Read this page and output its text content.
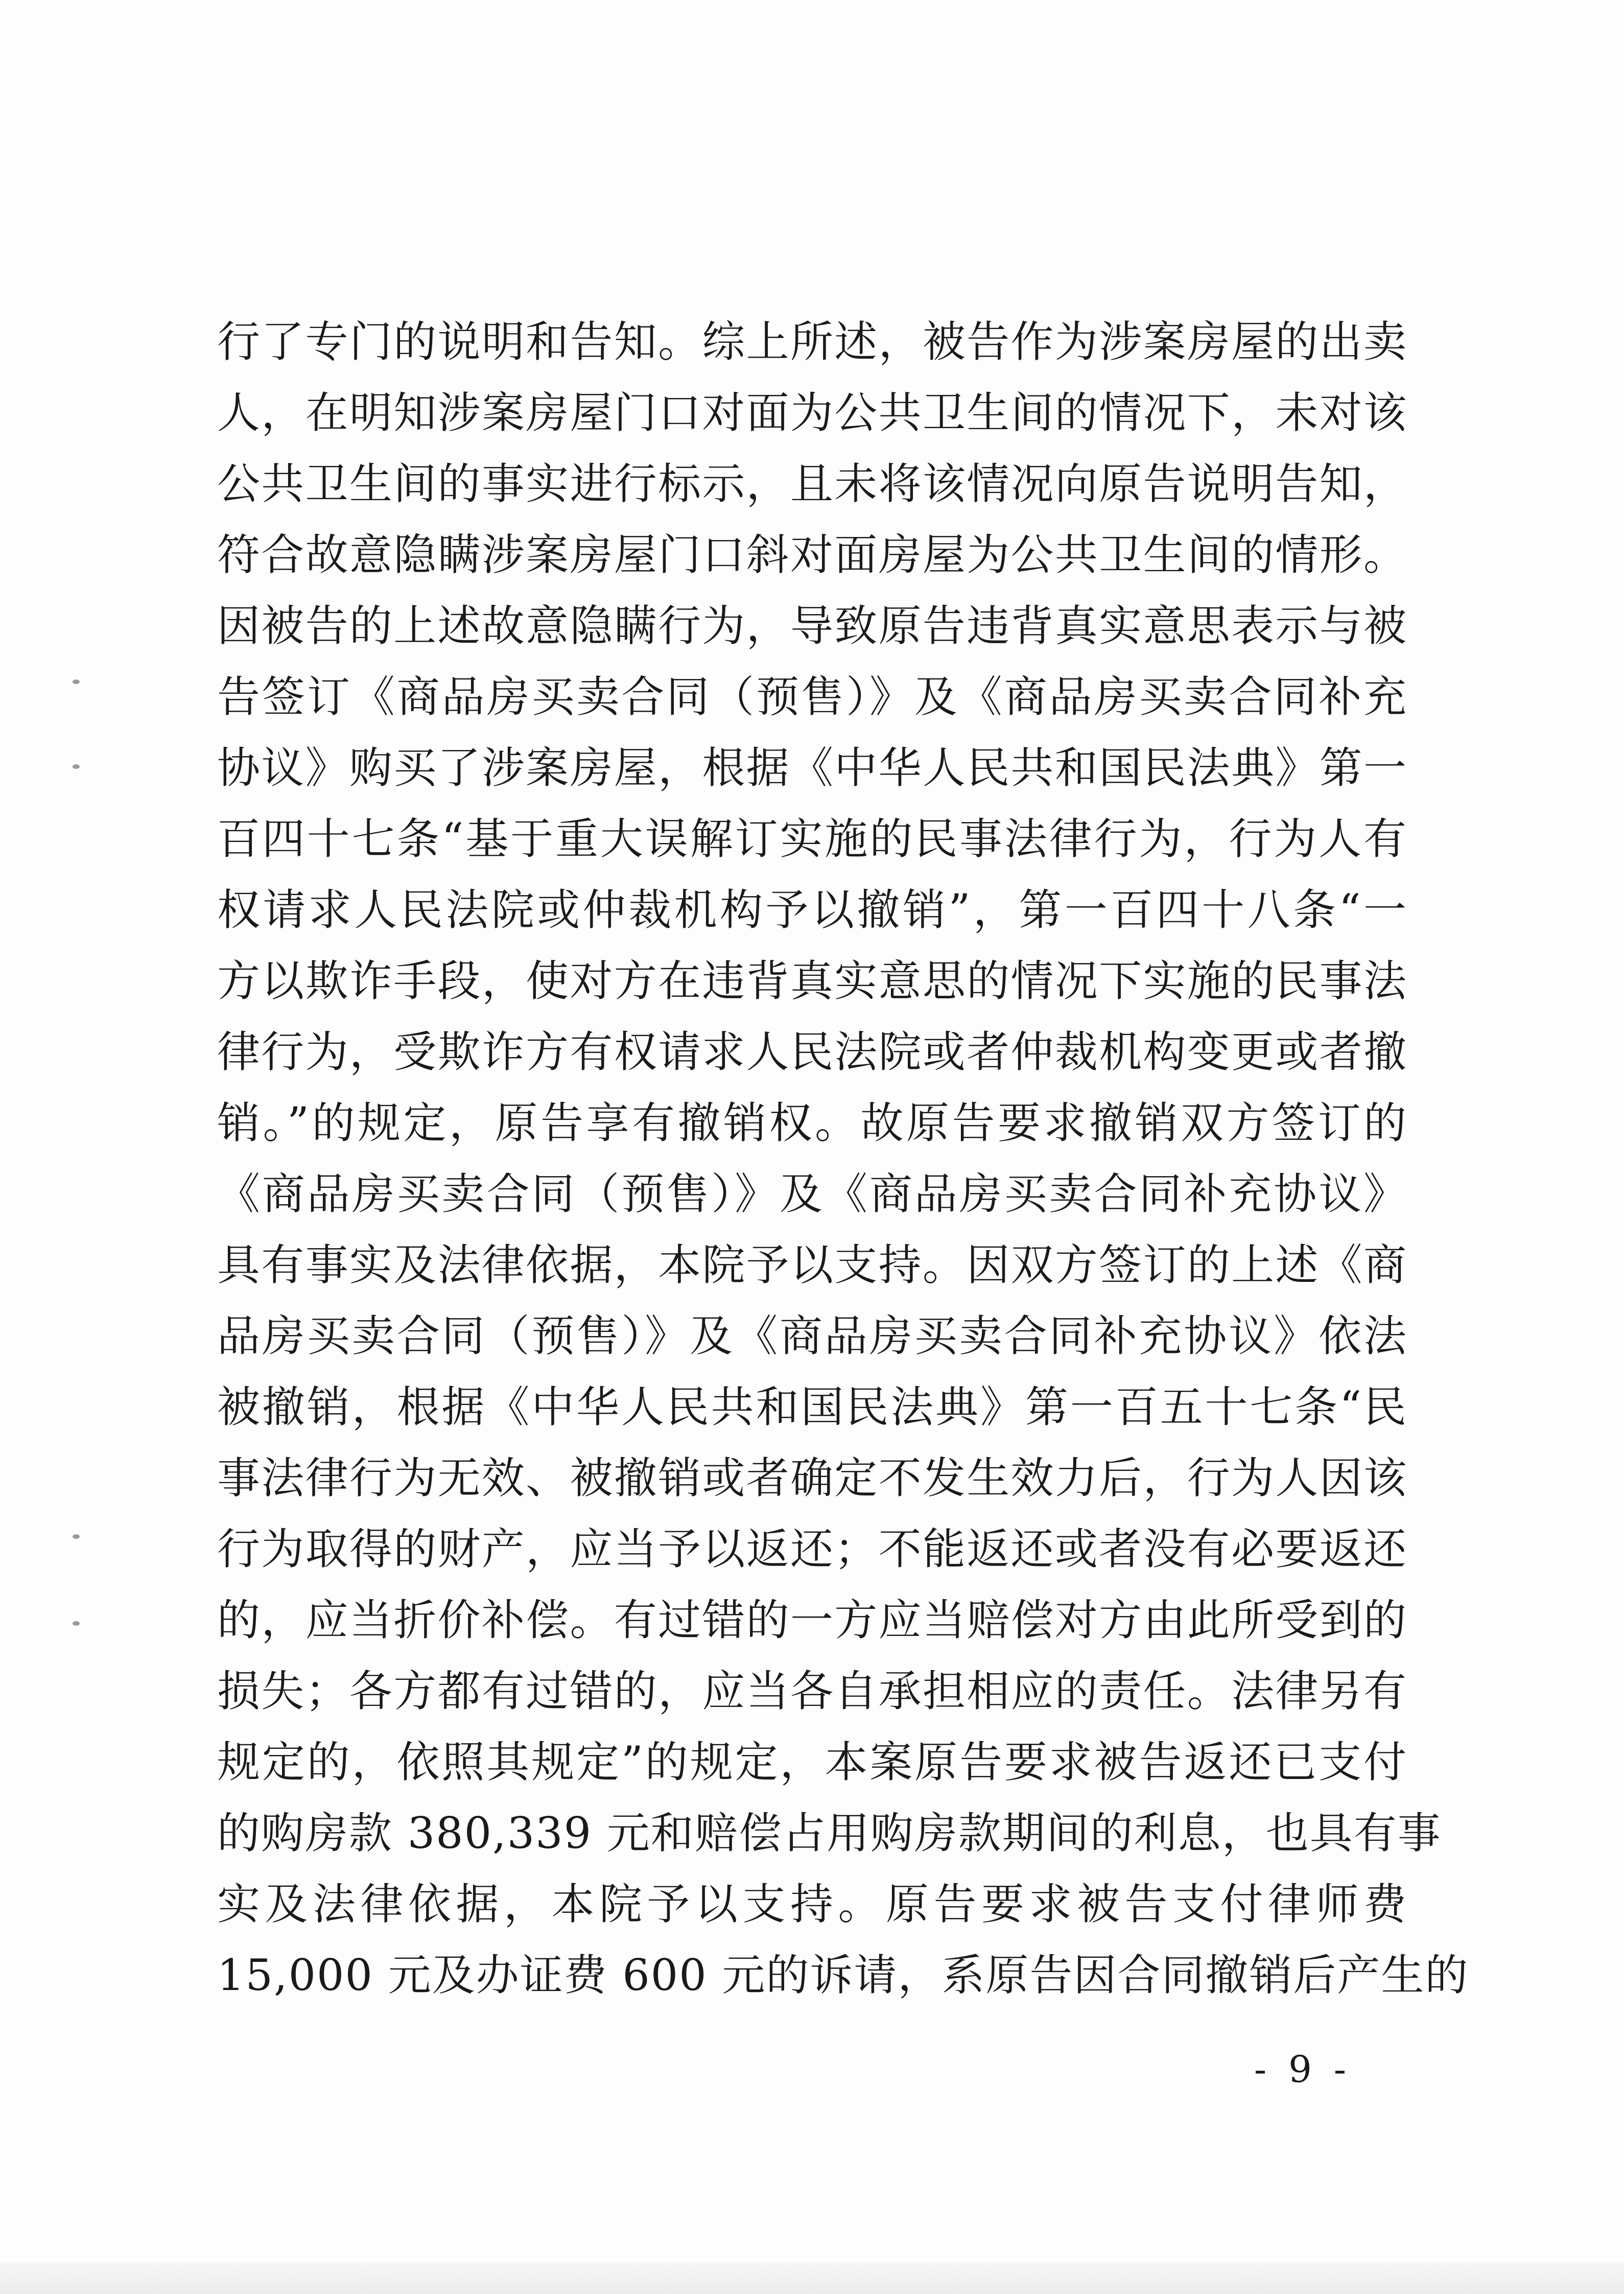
行了专门的说明和告知。综上所述，被告作为涉案房屋的出卖
人，在明知涉案房屋门口对面为公共卫生间的情况下，未对该
公共卫生间的事实进行标示，且未将该情况向原告说明告知，
符合故意隐瞒涉案房屋门口斜对面房屋为公共卫生间的情形。
因被告的上述故意隐瞒行为，导致原告违背真实意思表示与被
告签订《商品房买卖合同（预售）》及《商品房买卖合同补充
协议》购买了涉案房屋，根据《中华人民共和国民法典》第一
百四十七条“基于重大误解订实施的民事法律行为，行为人有
权请求人民法院或仲裁机构予以撤销”，第一百四十八条“一
方以欺诈手段，使对方在违背真实意思的情况下实施的民事法
律行为，受欺诈方有权请求人民法院或者仲裁机构变更或者撤
销。”的规定，原告享有撤销权。故原告要求撤销双方签订的
《商品房买卖合同（预售）》及《商品房买卖合同补充协议》
具有事实及法律依据，本院予以支持。因双方签订的上述《商
品房买卖合同（预售）》及《商品房买卖合同补充协议》依法
被撤销，根据《中华人民共和国民法典》第一百五十七条“民
事法律行为无效、被撤销或者确定不发生效力后，行为人因该
行为取得的财产，应当予以返还；不能返还或者没有必要返还
的，应当折价补偿。有过错的一方应当赔偿对方由此所受到的
损失；各方都有过错的，应当各自承担相应的责任。法律另有
规定的，依照其规定”的规定，本案原告要求被告返还已支付
的购房款 380,339 元和赔偿占用购房款期间的利息，也具有事
实及法律依据，本院予以支持。原告要求被告支付律师费
15,000 元及办证费 600 元的诉请，系原告因合同撤销后产生的
- 9 -
